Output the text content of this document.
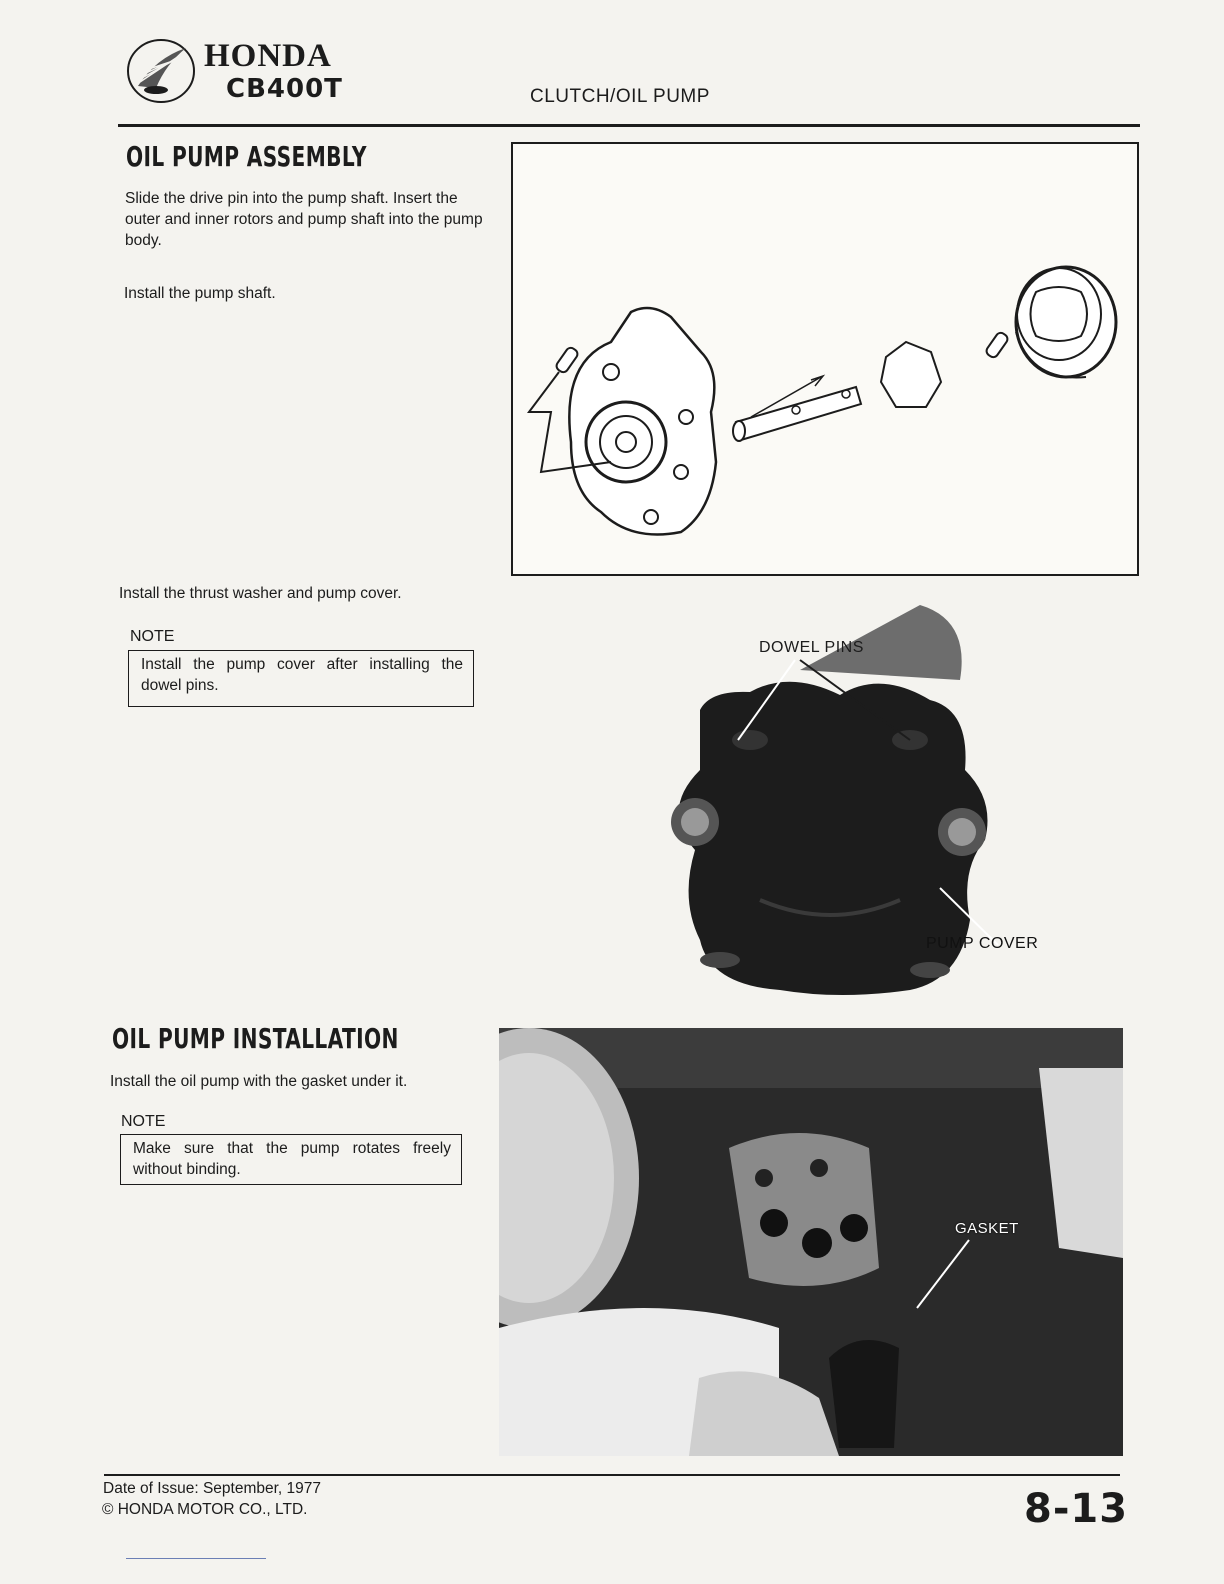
HONDA
CB400T	CLUTCH/OIL PUMP
OIL PUMP ASSEMBLY
Slide the drive pin into the pump shaft. Insert the outer and inner rotors and pump shaft into the pump body.
Install the pump shaft.
Install the thrust washer and pump cover.
NOTE
Install the pump cover after installing the dowel pins.
DOWEL PINS
PUMP COVER
OIL PUMP INSTALLATION
Install the oil pump with the gasket under it.
NOTE
Make sure that the pump rotates freely without binding.
GASKET
Date of Issue: September, 1977
© HONDA MOTOR CO., LTD.	8-13
